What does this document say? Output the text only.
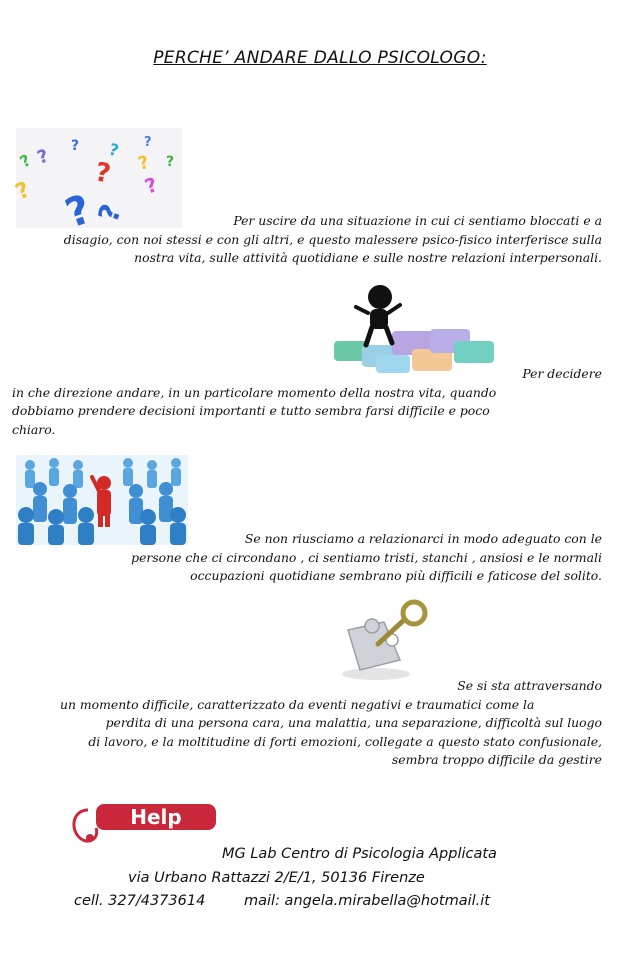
PERCHE’ ANDARE DALLO PSICOLOGO:
? ? ? ?
? ? ? ?
?	?
?
?	Per uscire da una situazione in cui ci sentiamo bloccati e a
disagio, con noi stessi e con gli altri, e questo malessere psico-fisico interferisce sulla
nostra vita, sulle attività quotidiane e sulle nostre relazioni interpersonali.
Per decidere
in che direzione andare, in un particolare momento della nostra vita, quando
dobbiamo prendere decisioni importanti e tutto sembra farsi difficile e poco
chiaro.
Se non riusciamo a relazionarci in modo adeguato con le
persone che ci circondano , ci sentiamo tristi, stanchi , ansiosi e le normali
occupazioni quotidiane sembrano più difficili e faticose del solito.
Se si sta attraversando
un momento difficile, caratterizzato da eventi negativi e traumatici come la
perdita di una persona cara, una malattia, una separazione, difficoltà sul luogo
di lavoro, e la moltitudine di forti emozioni, collegate a questo stato confusionale,
sembra troppo difficile da gestire
Help
MG Lab Centro di Psicologia Applicata
via Urbano Rattazzi 2/E/1, 50136 Firenze
cell. 327/4373614	mail: angela.mirabella@hotmail.it
